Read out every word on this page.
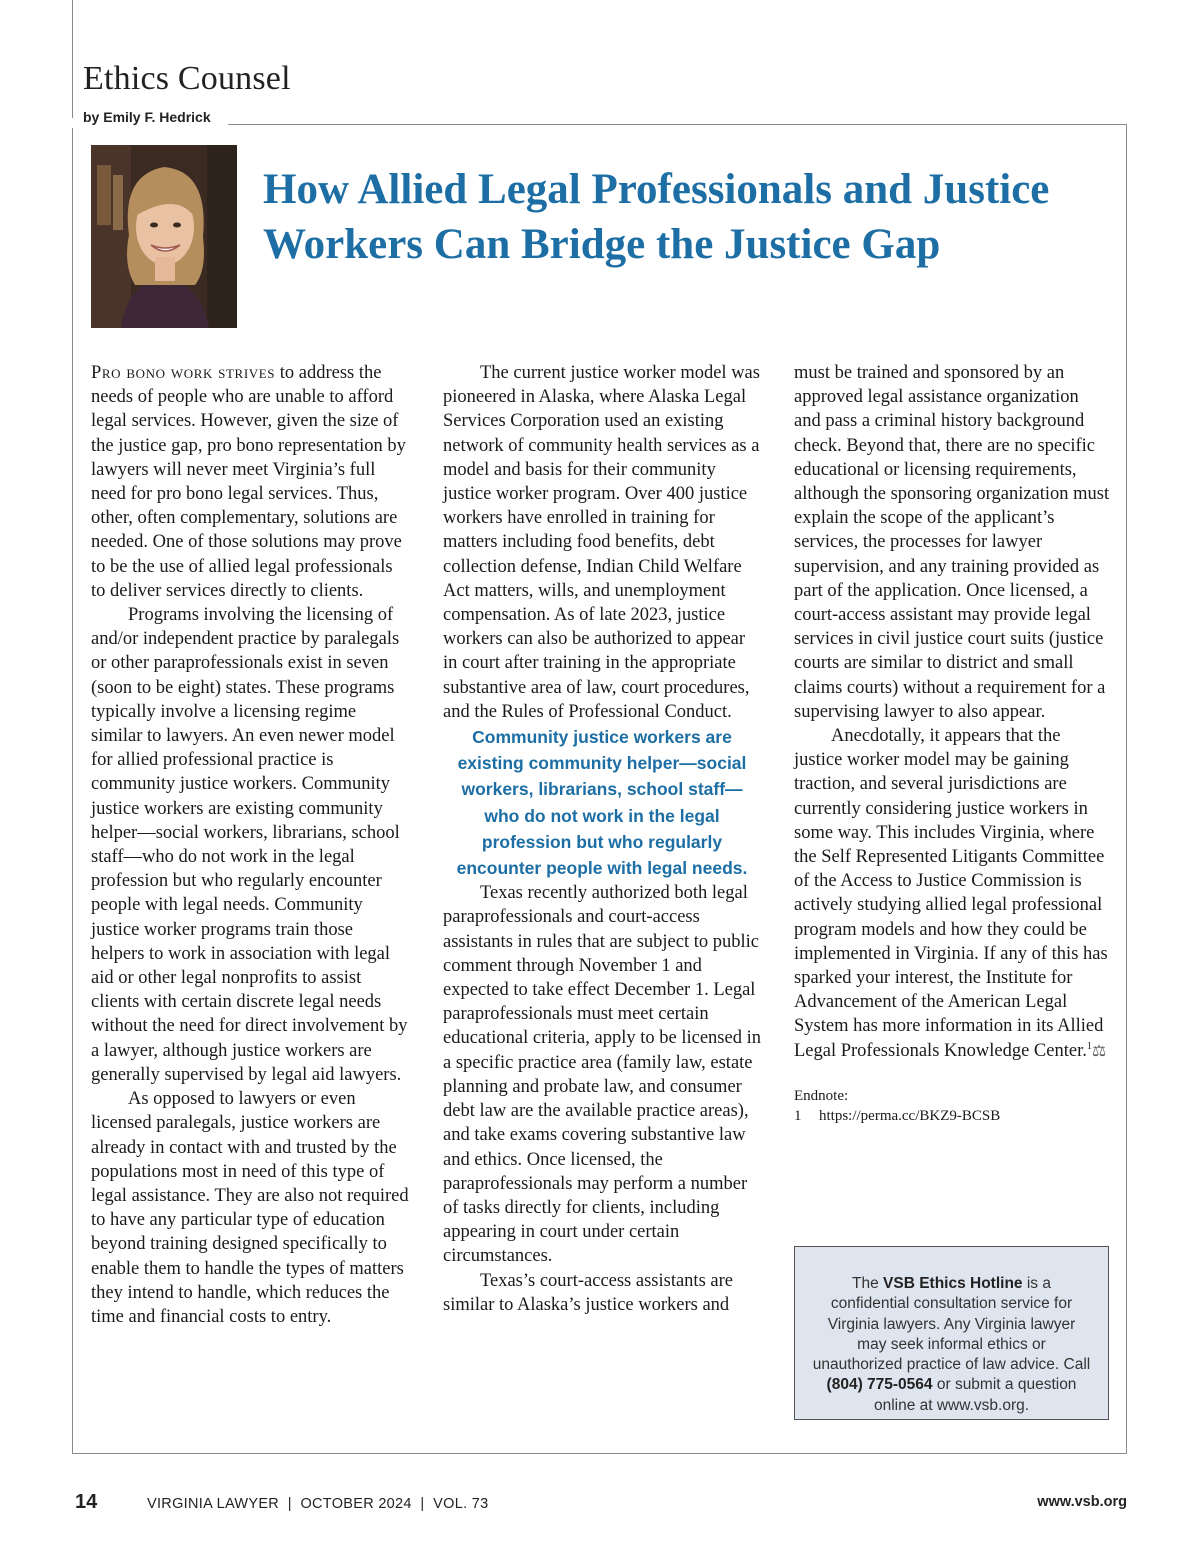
Ethics Counsel
by Emily F. Hedrick
How Allied Legal Professionals and Justice Workers Can Bridge the Justice Gap

Pro bono work strives to address the needs of people who are unable to afford legal services. However, given the size of the justice gap, pro bono representation by lawyers will never meet Virginia’s full need for pro bono legal services. Thus, other, often complementary, solutions are needed. One of those solutions may prove to be the use of allied legal professionals to deliver services directly to clients.

Programs involving the licensing of and/or independent practice by paralegals or other paraprofessionals exist in seven (soon to be eight) states. These programs typically involve a licensing regime similar to lawyers. An even newer model for allied professional practice is community justice workers. Community justice workers are existing community helper—social workers, librarians, school staff—who do not work in the legal profession but who regularly encounter people with legal needs. Community justice worker programs train those helpers to work in association with legal aid or other legal nonprofits to assist clients with certain discrete legal needs without the need for direct involvement by a lawyer, although justice workers are generally supervised by legal aid lawyers.

As opposed to lawyers or even licensed paralegals, justice workers are already in contact with and trusted by the populations most in need of this type of legal assistance. They are also not required to have any particular type of education beyond training designed specifically to enable them to handle the types of matters they intend to handle, which reduces the time and financial costs to entry.

The current justice worker model was pioneered in Alaska, where Alaska Legal Services Corporation used an existing network of community health services as a model and basis for their community justice worker program. Over 400 justice workers have enrolled in training for matters including food benefits, debt collection defense, Indian Child Welfare Act matters, wills, and unemployment compensation. As of late 2023, justice workers can also be authorized to appear in court after training in the appropriate substantive area of law, court procedures, and the Rules of Professional Conduct.

Community justice workers are existing community helper—social workers, librarians, school staff—who do not work in the legal profession but who regularly encounter people with legal needs.

Texas recently authorized both legal paraprofessionals and court-access assistants in rules that are subject to public comment through November 1 and expected to take effect December 1. Legal paraprofessionals must meet certain educational criteria, apply to be licensed in a specific practice area (family law, estate planning and probate law, and consumer debt law are the available practice areas), and take exams covering substantive law and ethics. Once licensed, the paraprofessionals may perform a number of tasks directly for clients, including appearing in court under certain circumstances.

Texas’s court-access assistants are similar to Alaska’s justice workers and

must be trained and sponsored by an approved legal assistance organization and pass a criminal history background check. Beyond that, there are no specific educational or licensing requirements, although the sponsoring organization must explain the scope of the applicant’s services, the processes for lawyer supervision, and any training provided as part of the application. Once licensed, a court-access assistant may provide legal services in civil justice court suits (justice courts are similar to district and small claims courts) without a requirement for a supervising lawyer to also appear.

Anecdotally, it appears that the justice worker model may be gaining traction, and several jurisdictions are currently considering justice workers in some way. This includes Virginia, where the Self Represented Litigants Committee of the Access to Justice Commission is actively studying allied legal professional program models and how they could be implemented in Virginia. If any of this has sparked your interest, the Institute for Advancement of the American Legal System has more information in its Allied Legal Professionals Knowledge Center.$^1$⚖

Endnote:

1 https://perma.cc/BKZ9-BCSB

The VSB Ethics Hotline is a confidential consultation service for Virginia lawyers. Any Virginia lawyer may seek informal ethics or unauthorized practice of law advice. Call (804) 775-0564 or submit a question online at www.vsb.org.
14	VIRGINIA LAWYER  |  OCTOBER 2024  |  VOL. 73	www.vsb.org
